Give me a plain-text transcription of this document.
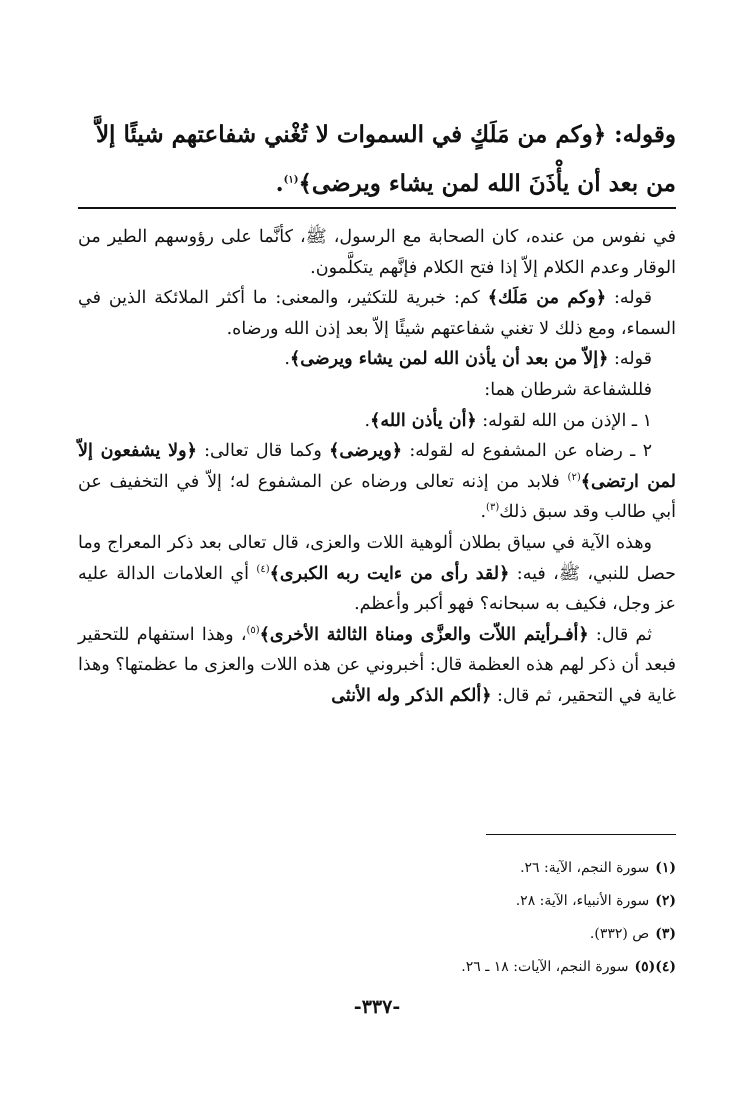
وقوله: ﴿وكم من مَلَكٍ في السموات لا تُغْني شفاعتهم شيئًا إلاَّ

من بعد أن يأْذَنَ الله لمن يشاء ويرضى﴾$^{(١)}$.

في نفوس من عنده، كان الصحابة مع الرسول، ﷺ، كأنَّما على رؤوسهم الطير من الوقار وعدم الكلام إلاّ إذا فتح الكلام فإنَّهم يتكلَّمون.

قوله: ﴿وكم من مَلَك﴾ كم: خبرية للتكثير، والمعنى: ما أكثر الملائكة الذين في السماء، ومع ذلك لا تغني شفاعتهم شيئًا إلاّ بعد إذن الله ورضاه.

قوله: ﴿إلاّ من بعد أن يأذن الله لمن يشاء ويرضى﴾.

فللشفاعة شرطان هما:

١ ـ الإذن من الله لقوله: ﴿أن يأذن الله﴾.

٢ ـ رضاه عن المشفوع له لقوله: ﴿ويرضى﴾ وكما قال تعالى: ﴿ولا يشفعون إلاّ لمن ارتضى﴾$^{(٢)}$ فلابد من إذنه تعالى ورضاه عن المشفوع له؛ إلاّ في التخفيف عن أبي طالب وقد سبق ذلك$^{(٣)}$.

وهذه الآية في سياق بطلان ألوهية اللات والعزى، قال تعالى بعد ذكر المعراج وما حصل للنبي، ﷺ، فيه: ﴿لقد رأى من ءايت ربه الكبرى﴾$^{(٤)}$ أي العلامات الدالة عليه عز وجل، فكيف به سبحانه؟ فهو أكبر وأعظم.

ثم قال: ﴿أفـرأيتم اللاّت والعزَّى ومناة الثالثة الأخرى﴾$^{(٥)}$، وهذا استفهام للتحقير فبعد أن ذكر لهم هذه العظمة قال: أخبروني عن هذه اللات والعزى ما عظمتها؟ وهذا غاية في التحقير، ثم قال: ﴿ألكم الذكر وله الأنثى

(١)سورة النجم، الآية: ٢٦.
(٢)سورة الأنبياء، الآية: ٢٨.
(٣)ص (٣٣٢).
(٤)(٥)سورة النجم، الآيات: ١٨ ـ ٢٦.
-٣٣٧-
